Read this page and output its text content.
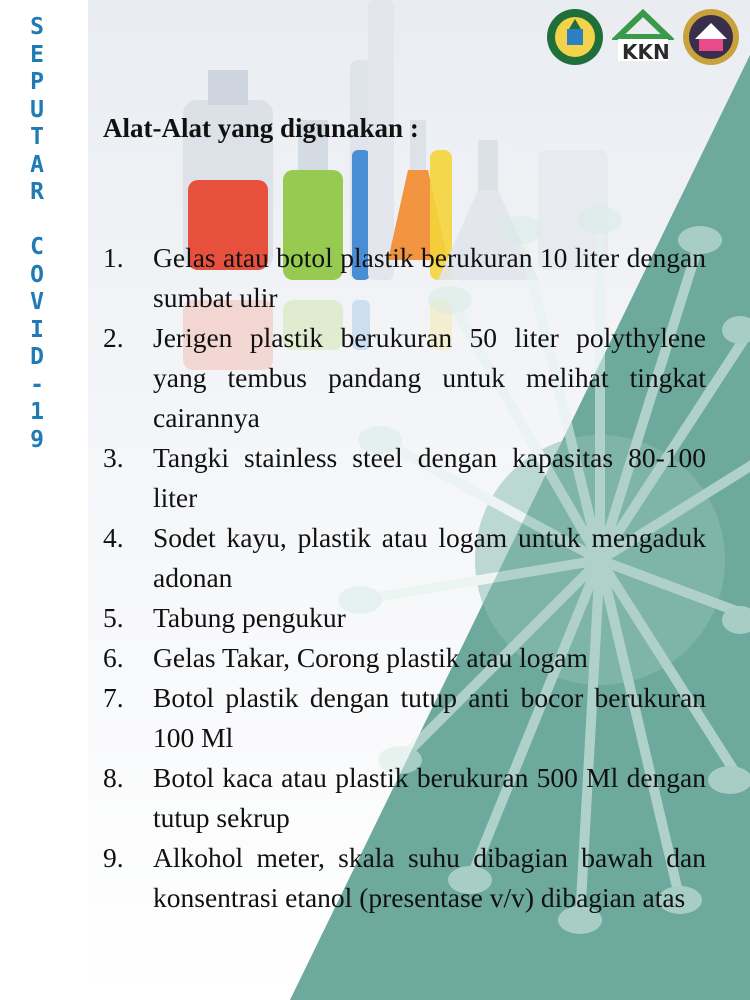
S
E
P
U
T
A
R

C
O
V
I
D
-
1
9
KKN
Alat-Alat yang digunakan :
1.	Gelas atau botol plastik berukuran 10 liter dengan sumbat ulir
2.	Jerigen plastik berukuran 50 liter polythylene yang tembus pandang untuk melihat tingkat cairannya
3.	Tangki stainless steel dengan kapasitas 80-100 liter
4.	Sodet kayu, plastik atau logam untuk mengaduk adonan
5.	Tabung pengukur
6.	Gelas Takar, Corong plastik atau logam
7.	Botol plastik dengan tutup anti bocor berukuran 100 Ml
8.	Botol kaca atau plastik berukuran 500 Ml dengan tutup sekrup
9.	Alkohol meter, skala suhu dibagian bawah dan konsentrasi etanol (presentase v/v) dibagian atas
